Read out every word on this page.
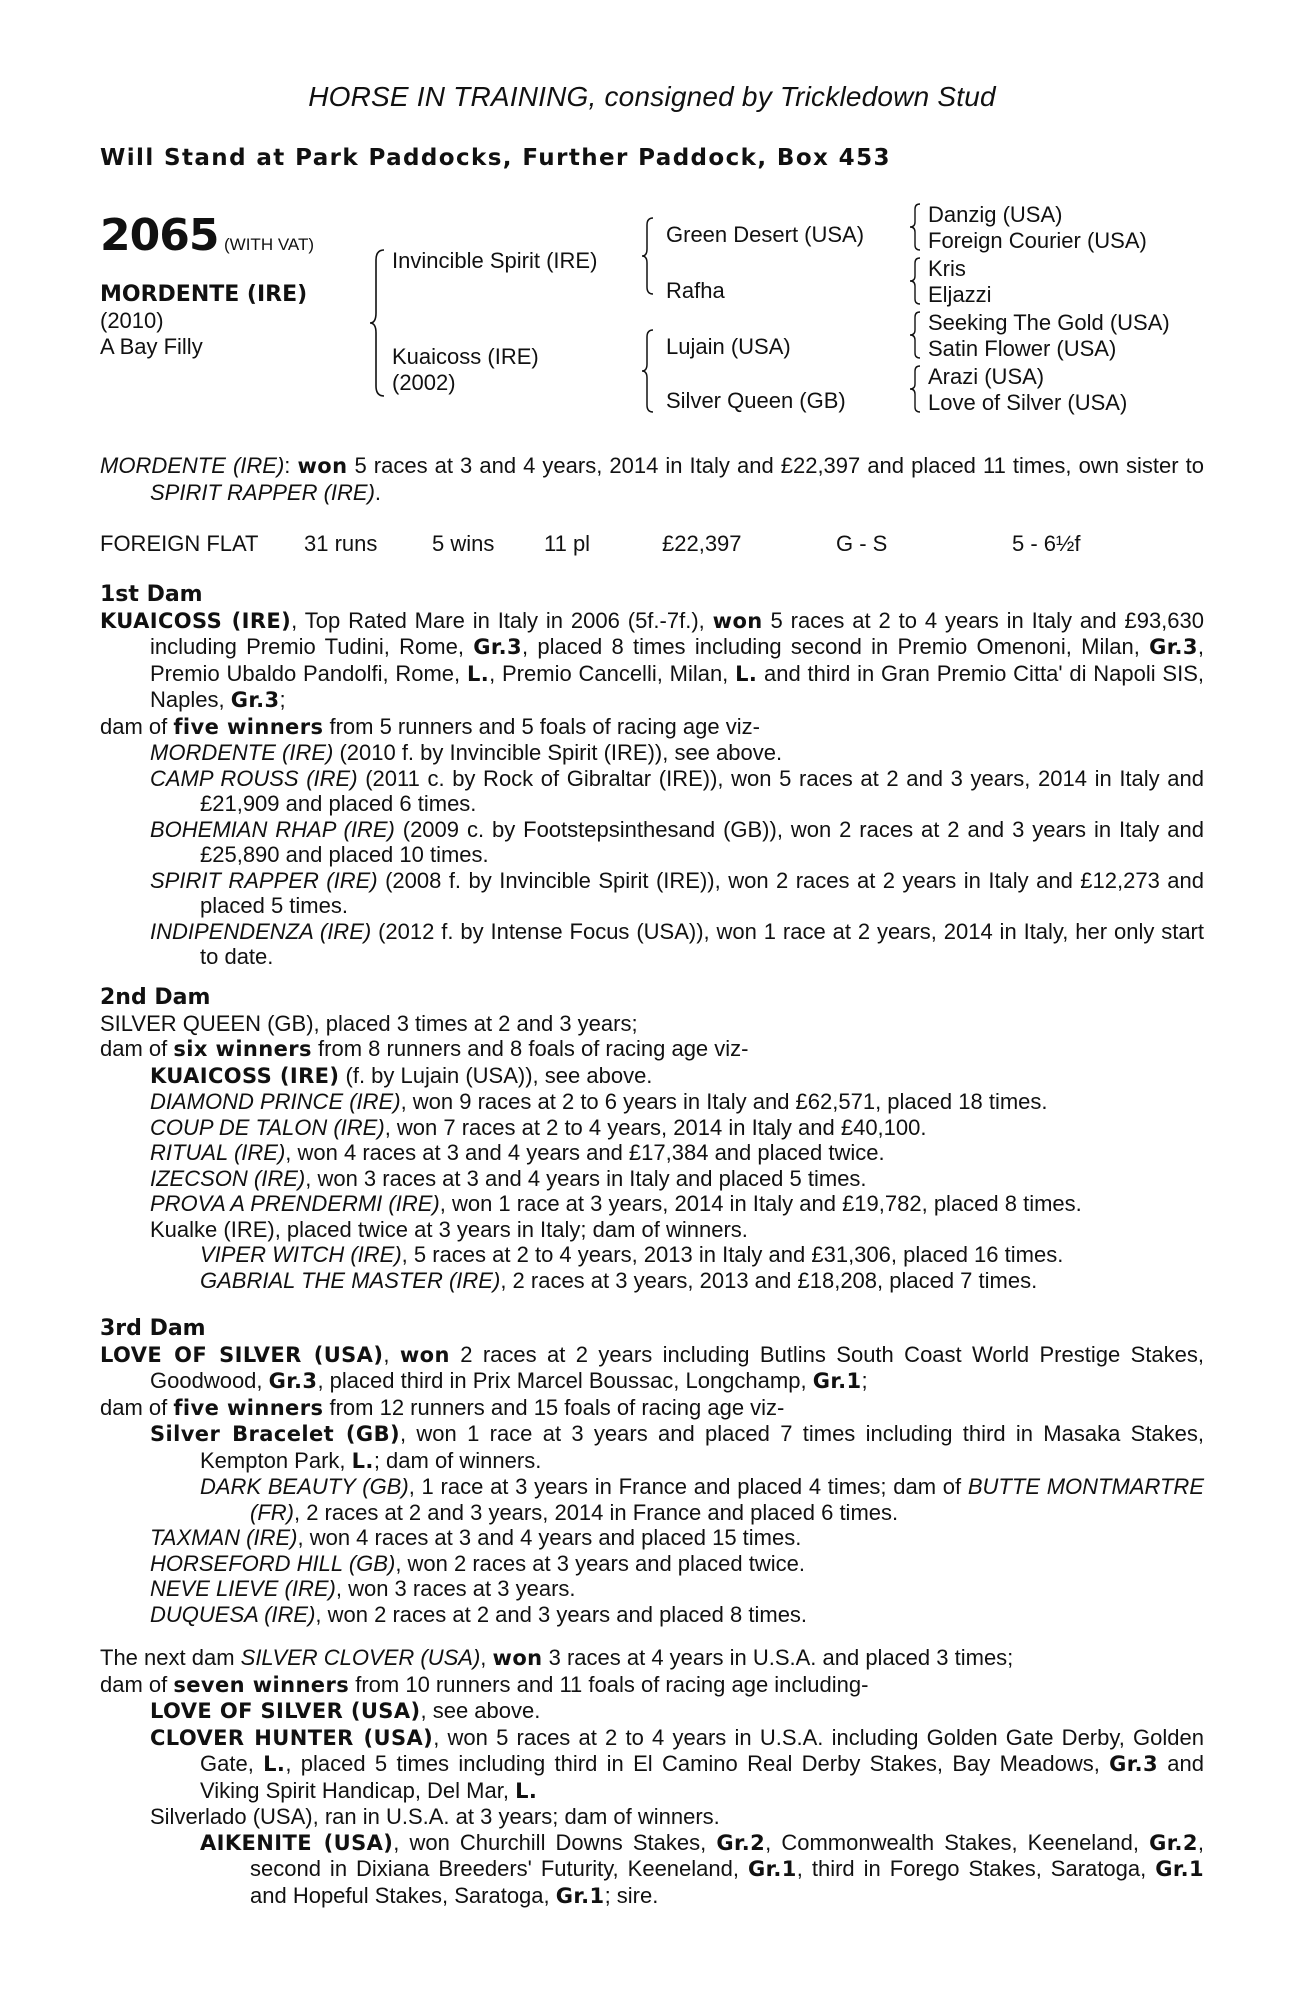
HORSE IN TRAINING, consigned by Trickledown Stud
Will Stand at Park Paddocks, Further Paddock, Box 453
2065 (WITH VAT)
MORDENTE (IRE)
(2010)
A Bay Filly
Invincible Spirit (IRE)
Kuaicoss (IRE)
(2002)
Green Desert (USA)
Rafha
Lujain (USA)
Silver Queen (GB)
Danzig (USA)
Foreign Courier (USA)
Kris
Eljazzi
Seeking The Gold (USA)
Satin Flower (USA)
Arazi (USA)
Love of Silver (USA)

MORDENTE (IRE): won 5 races at 3 and 4 years, 2014 in Italy and £22,397 and placed 11 times, own sister to SPIRIT RAPPER (IRE).

FOREIGN FLAT 31 runs 5 wins 11 pl	£22,397	G - S	5 - 6½f

1st Dam

KUAICOSS (IRE), Top Rated Mare in Italy in 2006 (5f.-7f.), won 5 races at 2 to 4 years in Italy and £93,630 including Premio Tudini, Rome, Gr.3, placed 8 times including second in Premio Omenoni, Milan, Gr.3, Premio Ubaldo Pandolfi, Rome, L., Premio Cancelli, Milan, L. and third in Gran Premio Citta' di Napoli SIS, Naples, Gr.3;

dam of five winners from 5 runners and 5 foals of racing age viz-

MORDENTE (IRE) (2010 f. by Invincible Spirit (IRE)), see above.

CAMP ROUSS (IRE) (2011 c. by Rock of Gibraltar (IRE)), won 5 races at 2 and 3 years, 2014 in Italy and £21,909 and placed 6 times.

BOHEMIAN RHAP (IRE) (2009 c. by Footstepsinthesand (GB)), won 2 races at 2 and 3 years in Italy and £25,890 and placed 10 times.

SPIRIT RAPPER (IRE) (2008 f. by Invincible Spirit (IRE)), won 2 races at 2 years in Italy and £12,273 and placed 5 times.

INDIPENDENZA (IRE) (2012 f. by Intense Focus (USA)), won 1 race at 2 years, 2014 in Italy, her only start to date.

2nd Dam

SILVER QUEEN (GB), placed 3 times at 2 and 3 years;

dam of six winners from 8 runners and 8 foals of racing age viz-

KUAICOSS (IRE) (f. by Lujain (USA)), see above.

DIAMOND PRINCE (IRE), won 9 races at 2 to 6 years in Italy and £62,571, placed 18 times.

COUP DE TALON (IRE), won 7 races at 2 to 4 years, 2014 in Italy and £40,100.

RITUAL (IRE), won 4 races at 3 and 4 years and £17,384 and placed twice.

IZECSON (IRE), won 3 races at 3 and 4 years in Italy and placed 5 times.

PROVA A PRENDERMI (IRE), won 1 race at 3 years, 2014 in Italy and £19,782, placed 8 times.

Kualke (IRE), placed twice at 3 years in Italy; dam of winners.

VIPER WITCH (IRE), 5 races at 2 to 4 years, 2013 in Italy and £31,306, placed 16 times.

GABRIAL THE MASTER (IRE), 2 races at 3 years, 2013 and £18,208, placed 7 times.

3rd Dam

LOVE OF SILVER (USA), won 2 races at 2 years including Butlins South Coast World Prestige Stakes, Goodwood, Gr.3, placed third in Prix Marcel Boussac, Longchamp, Gr.1;

dam of five winners from 12 runners and 15 foals of racing age viz-

Silver Bracelet (GB), won 1 race at 3 years and placed 7 times including third in Masaka Stakes, Kempton Park, L.; dam of winners.

DARK BEAUTY (GB), 1 race at 3 years in France and placed 4 times; dam of BUTTE MONTMARTRE (FR), 2 races at 2 and 3 years, 2014 in France and placed 6 times.

TAXMAN (IRE), won 4 races at 3 and 4 years and placed 15 times.

HORSEFORD HILL (GB), won 2 races at 3 years and placed twice.

NEVE LIEVE (IRE), won 3 races at 3 years.

DUQUESA (IRE), won 2 races at 2 and 3 years and placed 8 times.

The next dam SILVER CLOVER (USA), won 3 races at 4 years in U.S.A. and placed 3 times;

dam of seven winners from 10 runners and 11 foals of racing age including-

LOVE OF SILVER (USA), see above.

CLOVER HUNTER (USA), won 5 races at 2 to 4 years in U.S.A. including Golden Gate Derby, Golden Gate, L., placed 5 times including third in El Camino Real Derby Stakes, Bay Meadows, Gr.3 and Viking Spirit Handicap, Del Mar, L.

Silverlado (USA), ran in U.S.A. at 3 years; dam of winners.

AIKENITE (USA), won Churchill Downs Stakes, Gr.2, Commonwealth Stakes, Keeneland, Gr.2, second in Dixiana Breeders' Futurity, Keeneland, Gr.1, third in Forego Stakes, Saratoga, Gr.1 and Hopeful Stakes, Saratoga, Gr.1; sire.
